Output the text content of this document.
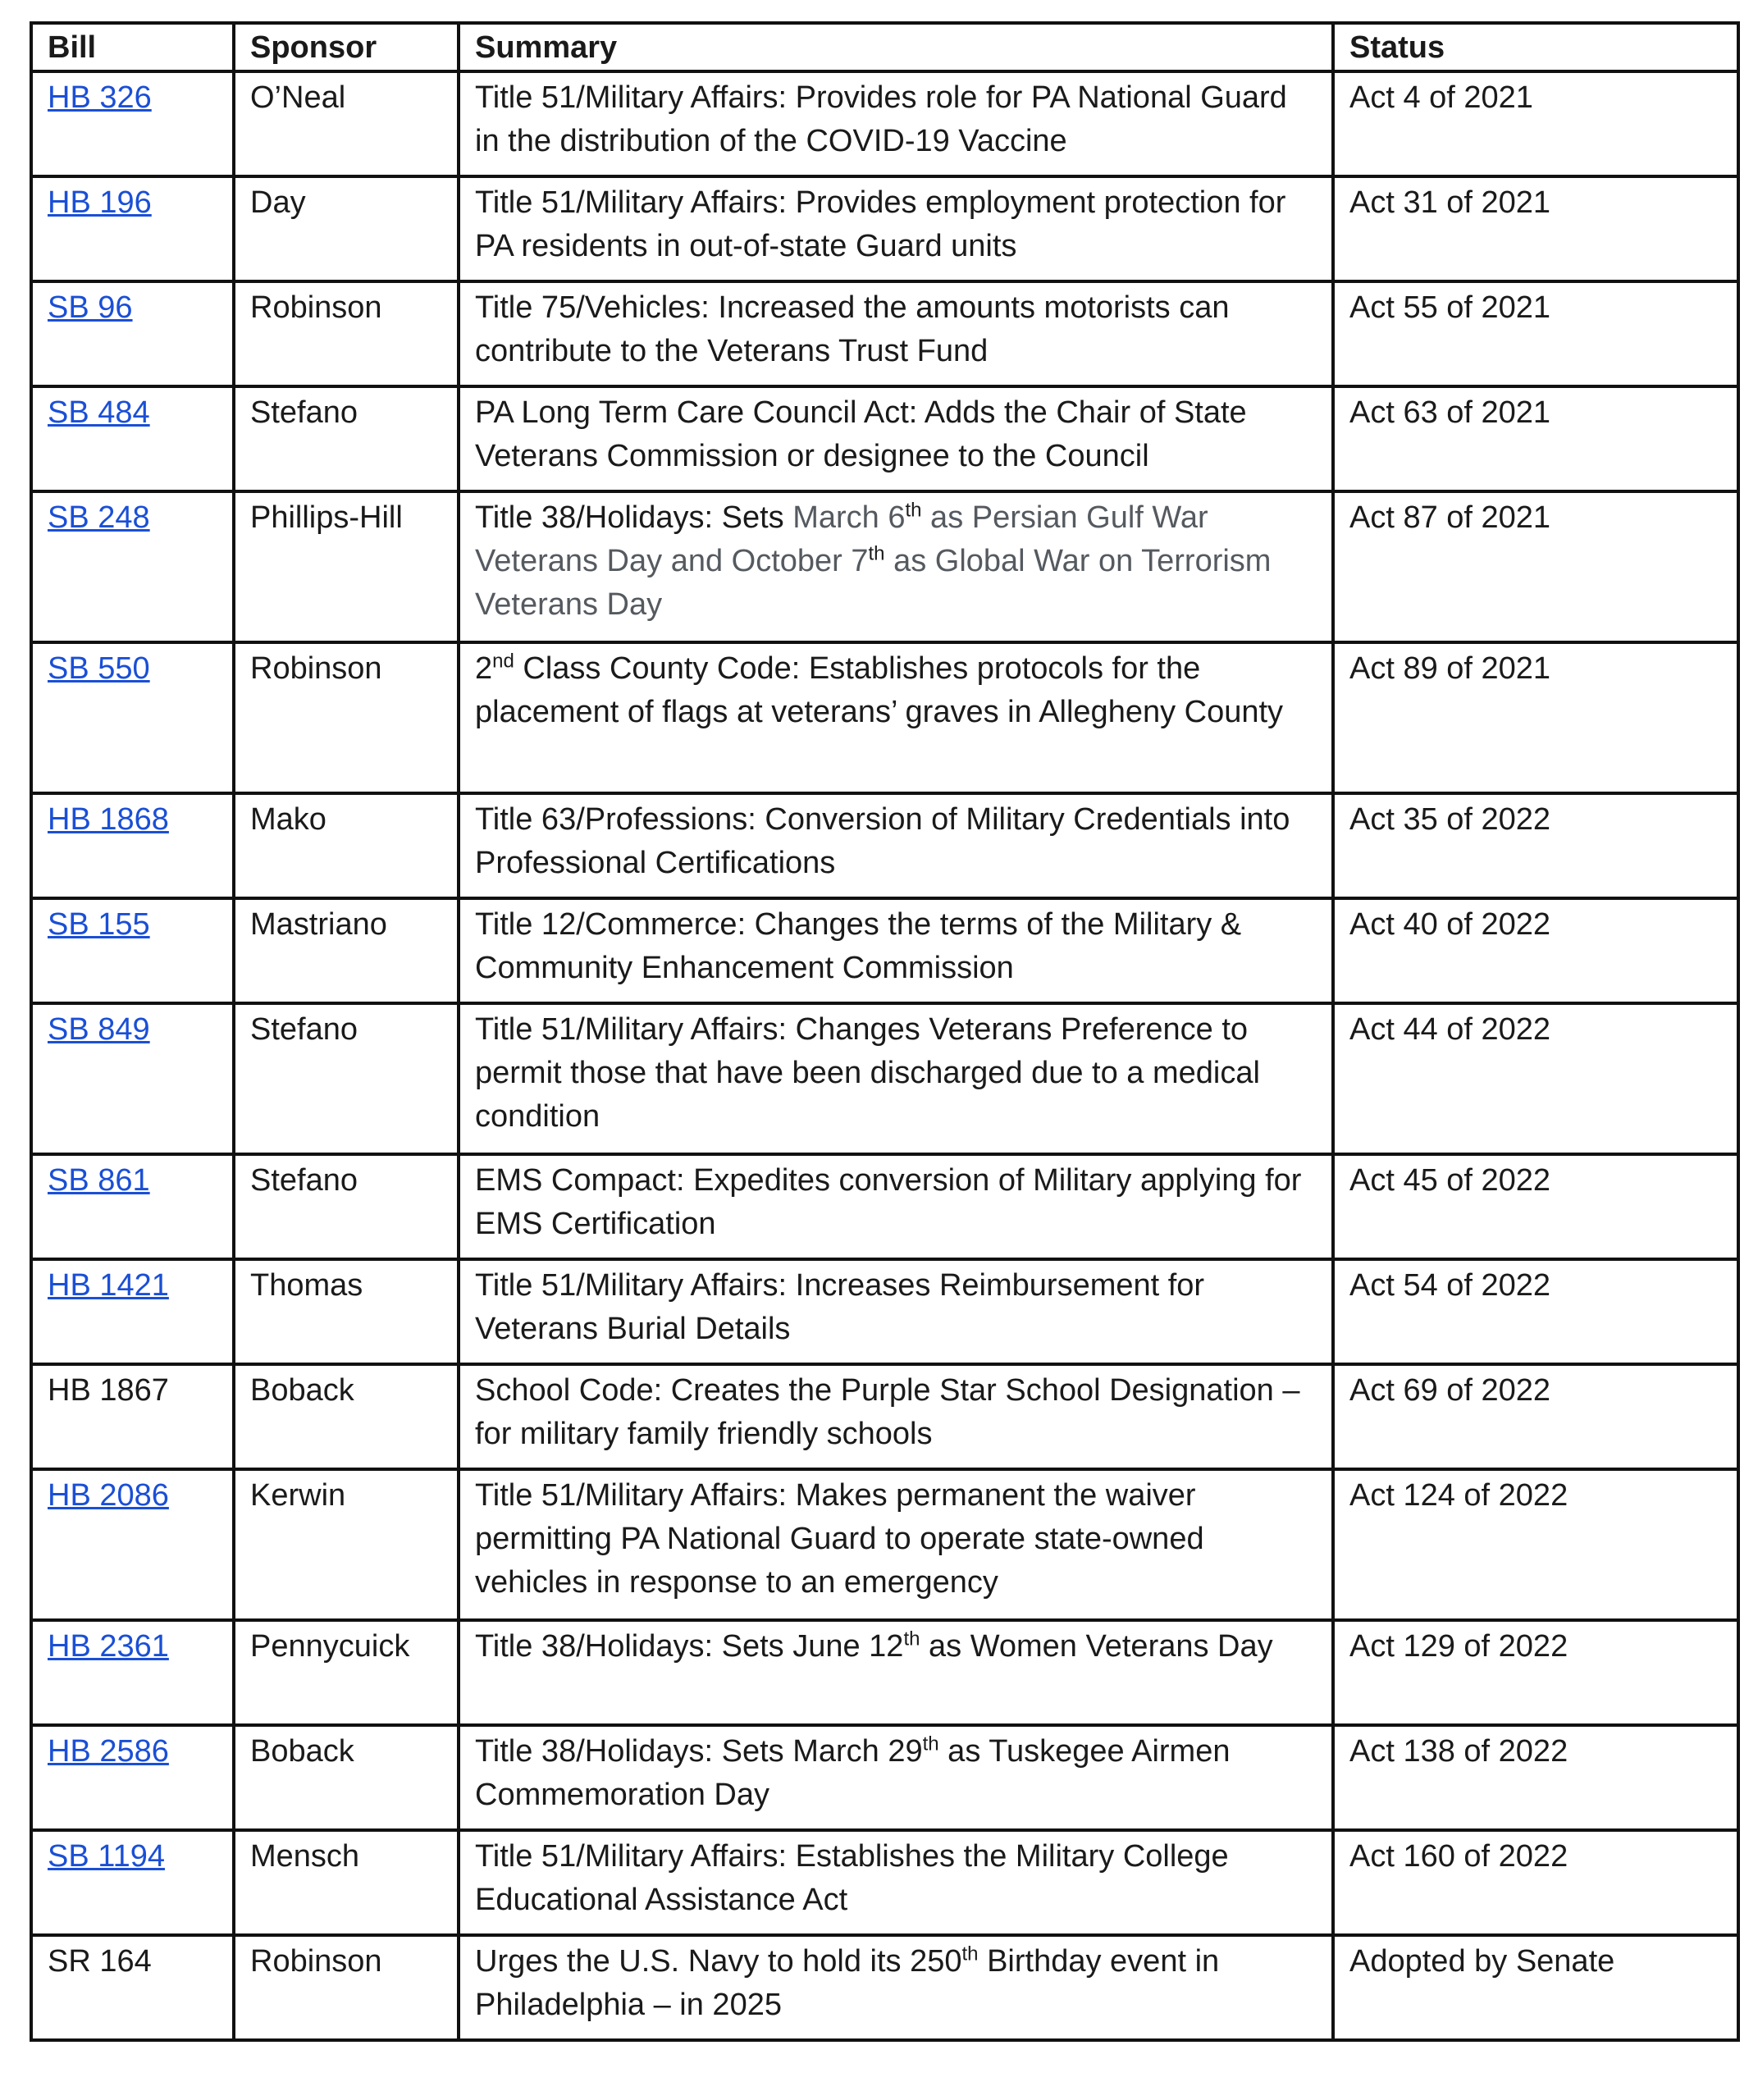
Bill	Sponsor	Summary	Status
HB 326	O’Neal	Title 51/Military Affairs: Provides role for PA National Guard in the distribution of the COVID-19 Vaccine	Act 4 of 2021
HB 196	Day	Title 51/Military Affairs: Provides employment protection for PA residents in out-of-state Guard units	Act 31 of 2021
SB 96	Robinson	Title 75/Vehicles: Increased the amounts motorists can contribute to the Veterans Trust Fund	Act 55 of 2021
SB 484	Stefano	PA Long Term Care Council Act: Adds the Chair of State Veterans Commission or designee to the Council	Act 63 of 2021
SB 248	Phillips-Hill	Title 38/Holidays: Sets March 6th as Persian Gulf War Veterans Day and October 7th as Global War on Terrorism Veterans Day	Act 87 of 2021
SB 550	Robinson	2nd Class County Code: Establishes protocols for the placement of flags at veterans’ graves in Allegheny County	Act 89 of 2021
HB 1868	Mako	Title 63/Professions: Conversion of Military Credentials into Professional Certifications	Act 35 of 2022
SB 155	Mastriano	Title 12/Commerce: Changes the terms of the Military & Community Enhancement Commission	Act 40 of 2022
SB 849	Stefano	Title 51/Military Affairs: Changes Veterans Preference to permit those that have been discharged due to a medical condition	Act 44 of 2022
SB 861	Stefano	EMS Compact: Expedites conversion of Military applying for EMS Certification	Act 45 of 2022
HB 1421	Thomas	Title 51/Military Affairs: Increases Reimbursement for Veterans Burial Details	Act 54 of 2022
HB 1867	Boback	School Code: Creates the Purple Star School Designation – for military family friendly schools	Act 69 of 2022
HB 2086	Kerwin	Title 51/Military Affairs: Makes permanent the waiver permitting PA National Guard to operate state-owned vehicles in response to an emergency	Act 124 of 2022
HB 2361	Pennycuick	Title 38/Holidays: Sets June 12th as Women Veterans Day	Act 129 of 2022
HB 2586	Boback	Title 38/Holidays: Sets March 29th as Tuskegee Airmen Commemoration Day	Act 138 of 2022
SB 1194	Mensch	Title 51/Military Affairs: Establishes the Military College Educational Assistance Act	Act 160 of 2022
SR 164	Robinson	Urges the U.S. Navy to hold its 250th Birthday event in Philadelphia – in 2025	Adopted by Senate
